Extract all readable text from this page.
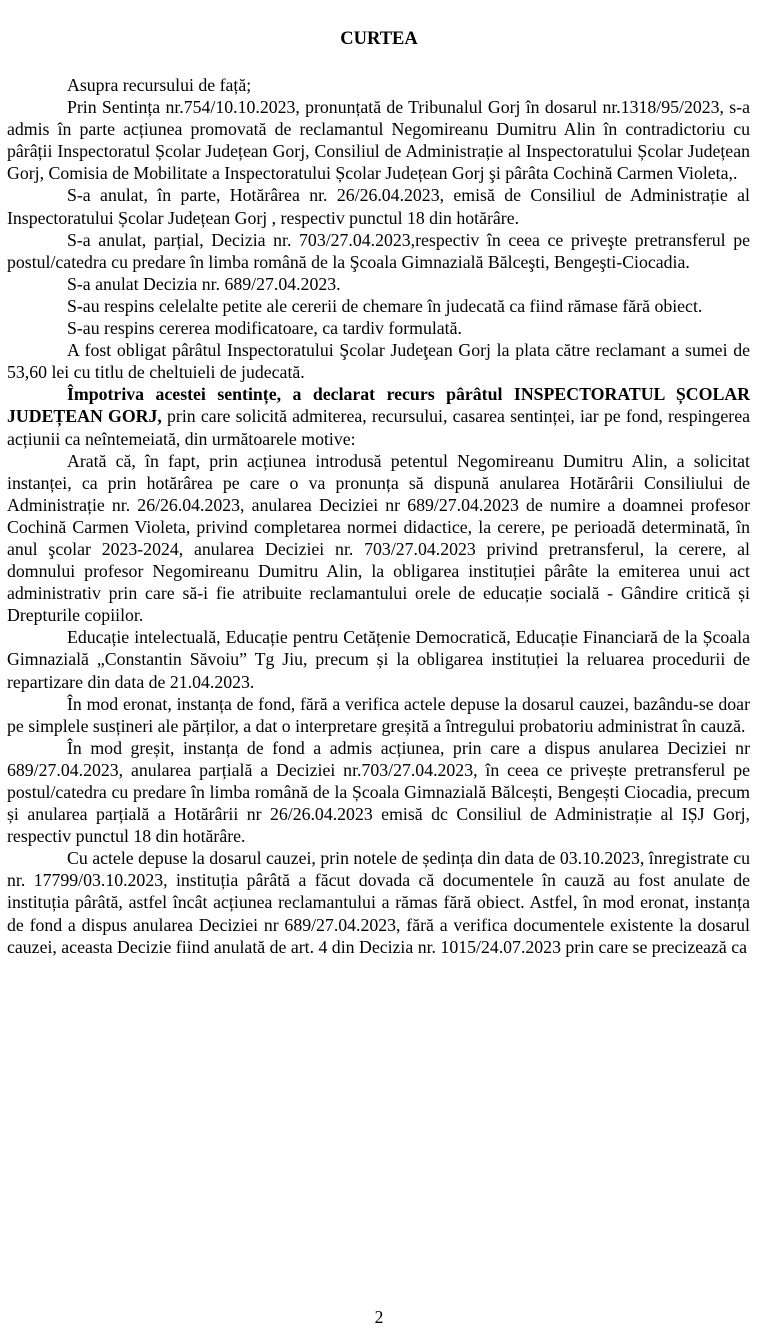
CURTEA

Asupra recursului de față;

Prin Sentința nr.754/10.10.2023, pronunțată de Tribunalul Gorj în dosarul nr.1318/95/2023, s-a admis în parte acțiunea promovată de reclamantul Negomireanu Dumitru Alin în contradictoriu cu pârâții Inspectoratul Școlar Județean Gorj, Consiliul de Administrație al Inspectoratului Școlar Județean Gorj, Comisia de Mobilitate a Inspectoratului Școlar Județean Gorj şi pârâta Cochină Carmen Violeta,.

S-a anulat, în parte, Hotărârea nr. 26/26.04.2023, emisă de Consiliul de Administrație al Inspectoratului Școlar Județean Gorj , respectiv punctul 18 din hotărâre.

S-a anulat, parțial, Decizia nr. 703/27.04.2023,respectiv în ceea ce priveşte pretransferul pe postul/catedra cu predare în limba română de la Şcoala Gimnazială Bălceşti, Bengeşti-Ciocadia.

S-a anulat Decizia nr. 689/27.04.2023.

S-au respins celelalte petite ale cererii de chemare în judecată ca fiind rămase fără obiect.

S-au respins cererea modificatoare, ca tardiv formulată.

A fost obligat pârâtul Inspectoratului Şcolar Judeţean Gorj la plata către reclamant a sumei de 53,60 lei cu titlu de cheltuieli de judecată.

Împotriva acestei sentințe, a declarat recurs pârâtul INSPECTORATUL ȘCOLAR JUDEȚEAN GORJ, prin care solicită admiterea, recursului, casarea sentinței, iar pe fond, respingerea acțiunii ca neîntemeiată, din următoarele motive:

Arată că, în fapt, prin acțiunea introdusă petentul Negomireanu Dumitru Alin, a solicitat instanței, ca prin hotărârea pe care o va pronunța să dispună anularea Hotărârii Consiliului de Administrație nr. 26/26.04.2023, anularea Deciziei nr 689/27.04.2023 de numire a doamnei profesor Cochină Carmen Violeta, privind completarea normei didactice, la cerere, pe perioadă determinată, în anul şcolar 2023-2024, anularea Deciziei nr. 703/27.04.2023 privind pretransferul, la cerere, al domnului profesor Negomireanu Dumitru Alin, la obligarea instituției pârâte la emiterea unui act administrativ prin care să-i fie atribuite reclamantului orele de educație socială - Gândire critică și Drepturile copiilor.

Educație intelectuală, Educație pentru Cetățenie Democratică, Educație Financiară de la Școala Gimnazială „Constantin Săvoiu” Tg Jiu, precum și la obligarea instituției la reluarea procedurii de repartizare din data de 21.04.2023.

În mod eronat, instanța de fond, fără a verifica actele depuse la dosarul cauzei, bazându-se doar pe simplele susțineri ale părților, a dat o interpretare greșită a întregului probatoriu administrat în cauză.

În mod greșit, instanța de fond a admis acțiunea, prin care a dispus anularea Deciziei nr 689/27.04.2023, anularea parțială a Deciziei nr.703/27.04.2023, în ceea ce privește pretransferul pe postul/catedra cu predare în limba română de la Școala Gimnazială Bălcești, Bengești Ciocadia, precum și anularea parțială a Hotărârii nr 26/26.04.2023 emisă dc Consiliul de Administrație al IȘJ Gorj, respectiv punctul 18 din hotărâre.

Cu actele depuse la dosarul cauzei, prin notele de ședința din data de 03.10.2023, înregistrate cu nr. 17799/03.10.2023, instituția pârâtă a făcut dovada că documentele în cauză au fost anulate de instituția pârâtă, astfel încât acțiunea reclamantului a rămas fără obiect. Astfel, în mod eronat, instanța de fond a dispus anularea Deciziei nr 689/27.04.2023, fără a verifica documentele existente la dosarul cauzei, aceasta Decizie fiind anulată de art. 4 din Decizia nr. 1015/24.07.2023 prin care se precizează ca

2
